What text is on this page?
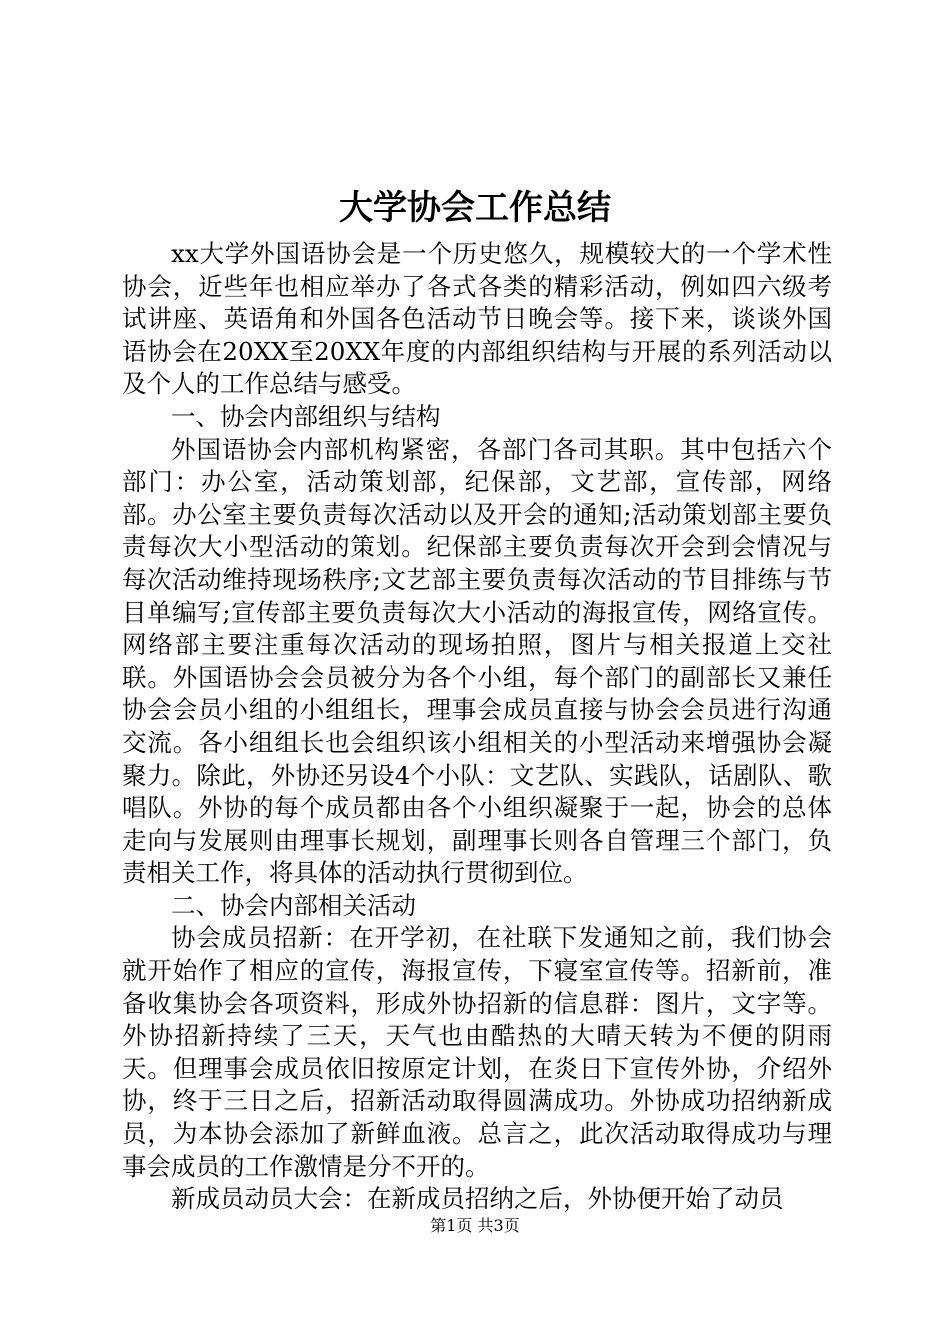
大学协会工作总结

xx大学外国语协会是一个历史悠久，规模较大的一个学术性协会，近些年也相应举办了各式各类的精彩活动，例如四六级考试讲座、英语角和外国各色活动节日晚会等。接下来，谈谈外国语协会在20XX至20XX年度的内部组织结构与开展的系列活动以及个人的工作总结与感受。

一、协会内部组织与结构

外国语协会内部机构紧密，各部门各司其职。其中包括六个部门：办公室，活动策划部，纪保部，文艺部，宣传部，网络部。办公室主要负责每次活动以及开会的通知;活动策划部主要负责每次大小型活动的策划。纪保部主要负责每次开会到会情况与每次活动维持现场秩序;文艺部主要负责每次活动的节目排练与节目单编写;宣传部主要负责每次大小活动的海报宣传，网络宣传。网络部主要注重每次活动的现场拍照，图片与相关报道上交社联。外国语协会会员被分为各个小组，每个部门的副部长又兼任协会会员小组的小组组长，理事会成员直接与协会会员进行沟通交流。各小组组长也会组织该小组相关的小型活动来增强协会凝聚力。除此，外协还另设4个小队：文艺队、实践队，话剧队、歌唱队。外协的每个成员都由各个小组织凝聚于一起，协会的总体走向与发展则由理事长规划，副理事长则各自管理三个部门，负责相关工作，将具体的活动执行贯彻到位。

二、协会内部相关活动

协会成员招新：在开学初，在社联下发通知之前，我们协会就开始作了相应的宣传，海报宣传，下寝室宣传等。招新前，准备收集协会各项资料，形成外协招新的信息群：图片，文字等。外协招新持续了三天，天气也由酷热的大晴天转为不便的阴雨天。但理事会成员依旧按原定计划，在炎日下宣传外协，介绍外协，终于三日之后，招新活动取得圆满成功。外协成功招纳新成员，为本协会添加了新鲜血液。总言之，此次活动取得成功与理事会成员的工作激情是分不开的。

新成员动员大会：在新成员招纳之后，外协便开始了动员

第1页 共3页
